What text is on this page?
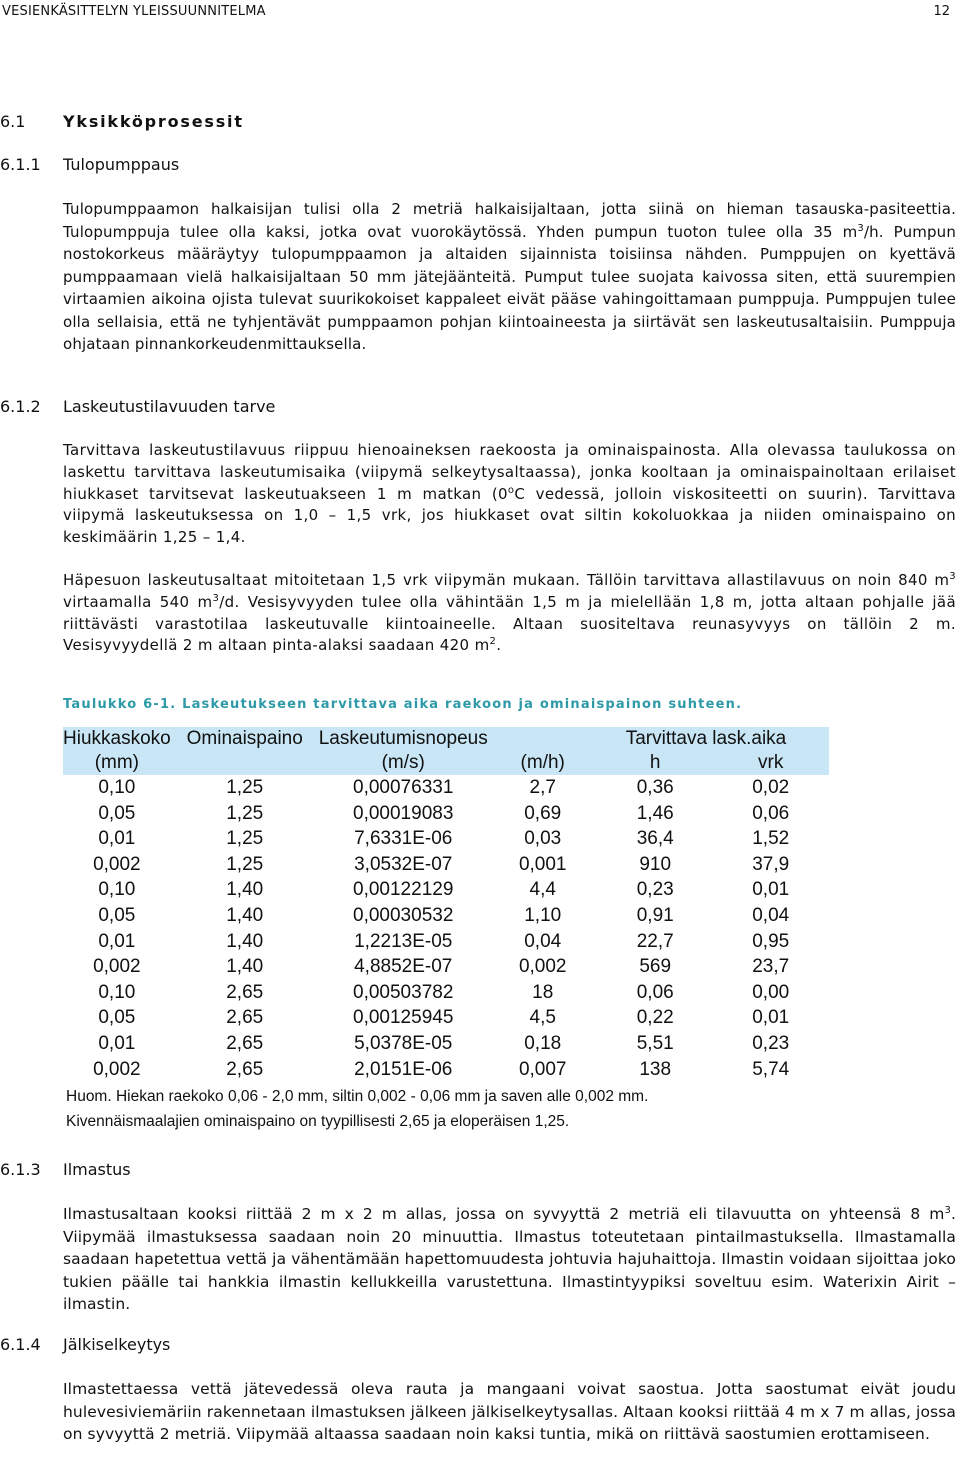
VESIENKÄSITTELYN YLEISSUUNNITELMA	12
6.1 Yksikköprosessit
6.1.1 Tulopumppaus
Tulopumppaamon halkaisijan tulisi olla 2 metriä halkaisijaltaan, jotta siinä on hieman tasauska-pasiteettia. Tulopumppuja tulee olla kaksi, jotka ovat vuorokäytössä. Yhden pumpun tuoton tulee olla 35 $m^3/h$. Pumpun nostokorkeus määräytyy tulopumppaamon ja altaiden sijainnista toisiinsa nähden. Pumppujen on kyettävä pumppaamaan vielä halkaisijaltaan 50 mm jätejäänteitä. Pumput tulee suojata kaivossa siten, että suurempien virtaamien aikoina ojista tulevat suurikokoiset kappaleet eivät pääse vahingoittamaan pumppuja. Pumppujen tulee olla sellaisia, että ne tyhjentävät pumppaamon pohjan kiintoaineesta ja siirtävät sen laskeutusaltaisiin. Pumppuja ohjataan pinnankorkeudenmittauksella.
6.1.2 Laskeutustilavuuden tarve
Tarvittava laskeutustilavuus riippuu hienoaineksen raekoosta ja ominaispainosta. Alla olevassa taulukossa on laskettu tarvittava laskeutumisaika (viipymä selkeytysaltaassa), jonka kooltaan ja ominaispainoltaan erilaiset hiukkaset tarvitsevat laskeutuakseen 1 m matkan (0$^o$C vedessä, jolloin viskositeetti on suurin). Tarvittava viipymä laskeutuksessa on 1,0 – 1,5 vrk, jos hiukkaset ovat siltin kokoluokkaa ja niiden ominaispaino on keskimäärin 1,25 – 1,4.
Häpesuon laskeutusaltaat mitoitetaan 1,5 vrk viipymän mukaan. Tällöin tarvittava allastilavuus on noin 840 $m^3$ virtaamalla 540 $m^3/d$. Vesisyvyyden tulee olla vähintään 1,5 m ja mielellään 1,8 m, jotta altaan pohjalle jää riittävästi varastotilaa laskeutuvalle kiintoaineelle. Altaan suositeltava reunasyvyys on tällöin 2 m. Vesisyvyydellä 2 m altaan pinta-alaksi saadaan 420 $m^2$.
Taulukko 6-1. Laskeutukseen tarvittava aika raekoon ja ominaispainon suhteen.
Hiukkaskoko	Ominaispaino	Laskeutumisnopeus		Tarvittava lask.aika	
(mm)		(m/s)	(m/h)	h	vrk
0,10	1,25	0,00076331	2,7	0,36	0,02
0,05	1,25	0,00019083	0,69	1,46	0,06
0,01	1,25	7,6331E-06	0,03	36,4	1,52
0,002	1,25	3,0532E-07	0,001	910	37,9
0,10	1,40	0,00122129	4,4	0,23	0,01
0,05	1,40	0,00030532	1,10	0,91	0,04
0,01	1,40	1,2213E-05	0,04	22,7	0,95
0,002	1,40	4,8852E-07	0,002	569	23,7
0,10	2,65	0,00503782	18	0,06	0,00
0,05	2,65	0,00125945	4,5	0,22	0,01
0,01	2,65	5,0378E-05	0,18	5,51	0,23
0,002	2,65	2,0151E-06	0,007	138	5,74
Huom. Hiekan raekoko 0,06 - 2,0 mm, siltin 0,002 - 0,06 mm ja saven alle 0,002 mm.
Kivennäismaalajien ominaispaino on tyypillisesti 2,65 ja eloperäisen 1,25.
6.1.3 Ilmastus
Ilmastusaltaan kooksi riittää 2 m x 2 m allas, jossa on syvyyttä 2 metriä eli tilavuutta on yhteensä 8 $m^3$. Viipymää ilmastuksessa saadaan noin 20 minuuttia. Ilmastus toteutetaan pintailmastuksella. Ilmastamalla saadaan hapetettua vettä ja vähentämään hapettomuudesta johtuvia hajuhaittoja. Ilmastin voidaan sijoittaa joko tukien päälle tai hankkia ilmastin kellukkeilla varustettuna. Ilmastintyypiksi soveltuu esim. Waterixin Airit –ilmastin.
6.1.4 Jälkiselkeytys
Ilmastettaessa vettä jätevedessä oleva rauta ja mangaani voivat saostua. Jotta saostumat eivät joudu hulevesiviemäriin rakennetaan ilmastuksen jälkeen jälkiselkeytysallas. Altaan kooksi riittää 4 m x 7 m allas, jossa on syvyyttä 2 metriä. Viipymää altaassa saadaan noin kaksi tuntia, mikä on riittävä saostumien erottamiseen.
